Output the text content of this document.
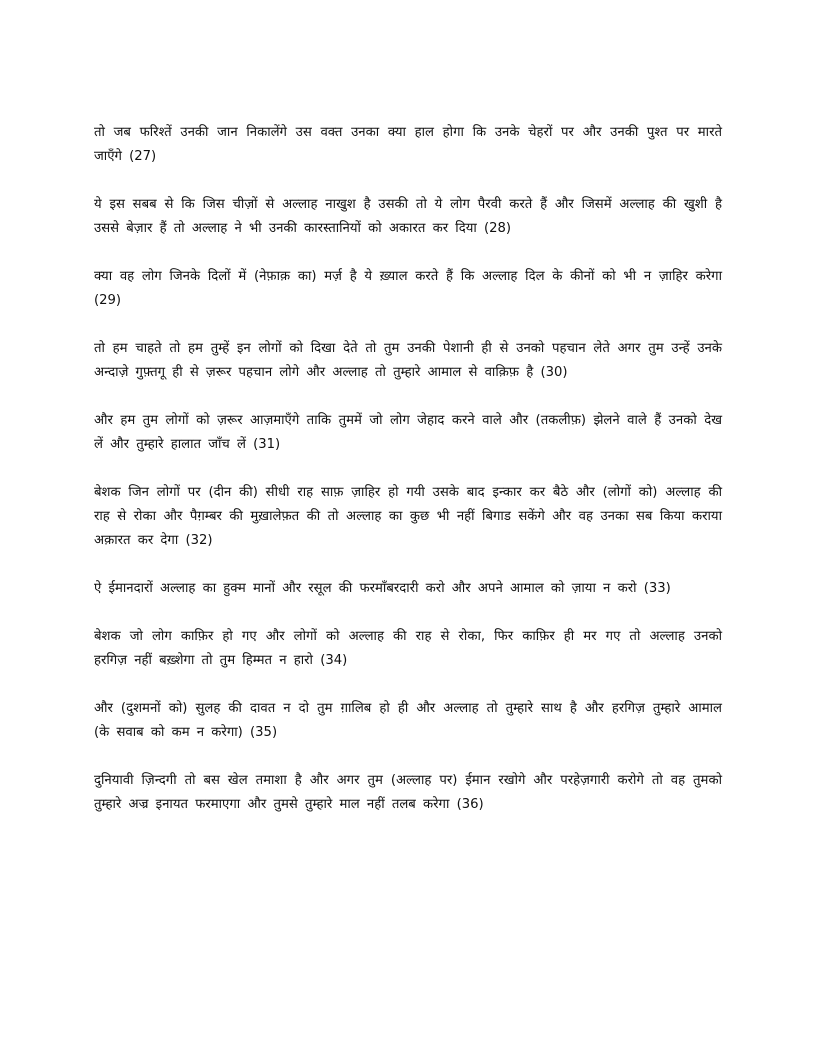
तो जब फरिश्तें उनकी जान निकालेंगे उस वक्त उनका क्या हाल होगा कि उनके चेहरों पर और उनकी पुश्त पर मारते जाएँगे (27)

ये इस सबब से कि जिस चीज़ों से अल्लाह नाखुश है उसकी तो ये लोग पैरवी करते हैं और जिसमें अल्लाह की खुशी है उससे बेज़ार हैं तो अल्लाह ने भी उनकी कारस्तानियों को अकारत कर दिया (28)

क्या वह लोग जिनके दिलों में (नेफ़ाक़ का) मर्ज़ है ये ख़्याल करते हैं कि अल्लाह दिल के कीनों को भी न ज़ाहिर करेगा (29)

तो हम चाहते तो हम तुम्हें इन लोगों को दिखा देते तो तुम उनकी पेशानी ही से उनको पहचान लेते अगर तुम उन्हें उनके अन्दाज़े गुफ़्तगू ही से ज़रूर पहचान लोगे और अल्लाह तो तुम्हारे आमाल से वाक़िफ़ है (30)

और हम तुम लोगों को ज़रूर आज़माएँगे ताकि तुममें जो लोग जेहाद करने वाले और (तकलीफ़) झेलने वाले हैं उनको देख लें और तुम्हारे हालात जाँच लें (31)

बेशक जिन लोगों पर (दीन की) सीधी राह साफ़ ज़ाहिर हो गयी उसके बाद इन्कार कर बैठे और (लोगों को) अल्लाह की राह से रोका और पैग़म्बर की मुख़ालेफ़त की तो अल्लाह का कुछ भी नहीं बिगाड सकेंगे और वह उनका सब किया कराया अक़ारत कर देगा (32)

ऐ ईमानदारों अल्लाह का हुक्म मानों और रसूल की फरमाँबरदारी करो और अपने आमाल को ज़ाया न करो (33)

बेशक जो लोग काफ़िर हो गए और लोगों को अल्लाह की राह से रोका, फिर काफ़िर ही मर गए तो अल्लाह उनको हरगिज़ नहीं बख़्शेगा तो तुम हिम्मत न हारो (34)

और (दुशमनों को) सुलह की दावत न दो तुम ग़ालिब हो ही और अल्लाह तो तुम्हारे साथ है और हरगिज़ तुम्हारे आमाल (के सवाब को कम न करेगा) (35)

दुनियावी ज़िन्दगी तो बस खेल तमाशा है और अगर तुम (अल्लाह पर) ईमान रखोगे और परहेज़गारी करोगे तो वह तुमको तुम्हारे अज्र इनायत फरमाएगा और तुमसे तुम्हारे माल नहीं तलब करेगा (36)
